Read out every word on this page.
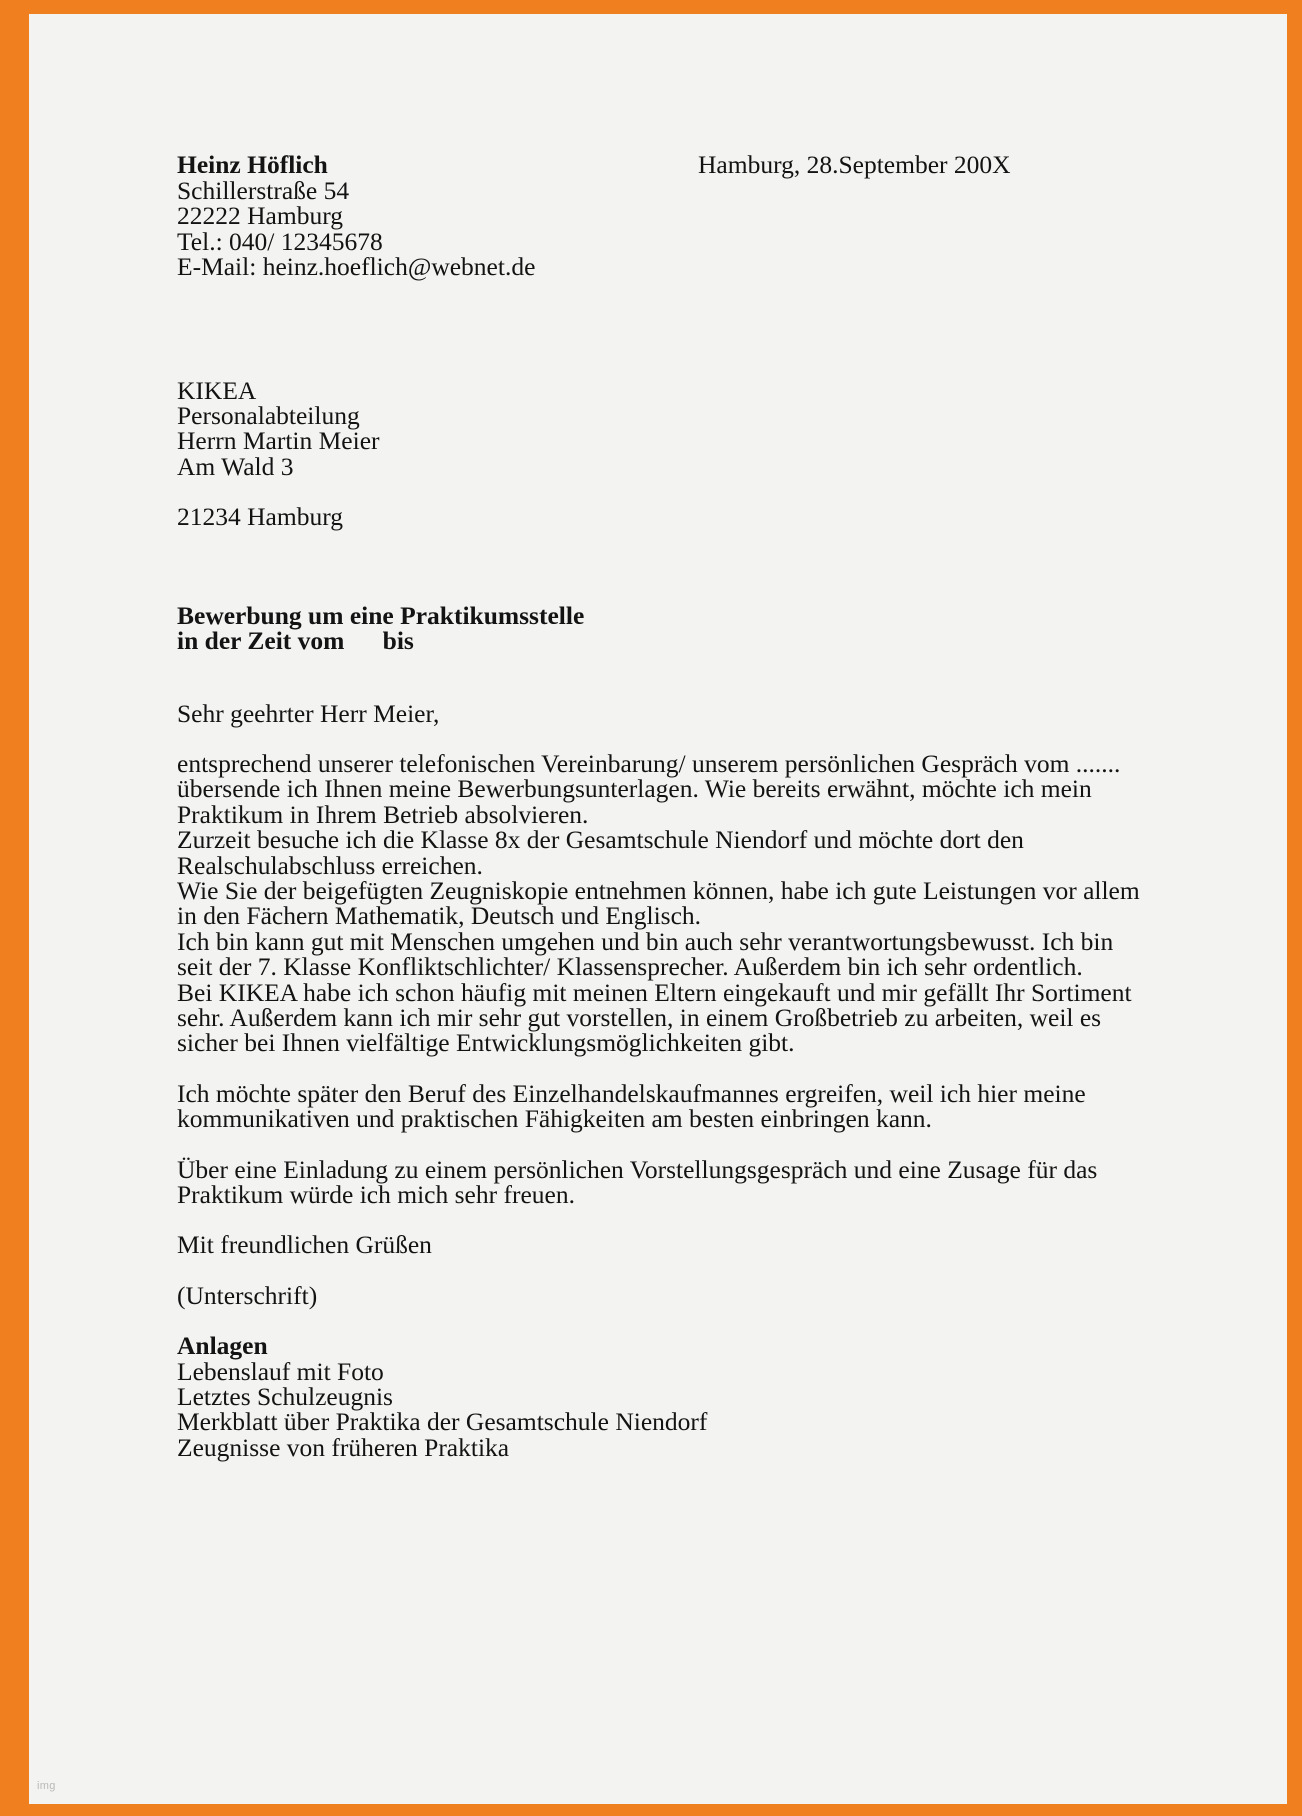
Heinz Höflich	Hamburg, 28.September 200X
Schillerstraße 54
22222 Hamburg
Tel.: 040/ 12345678
E-Mail: heinz.hoeflich@webnet.de
KIKEA
Personalabteilung
Herrn Martin Meier
Am Wald 3
21234 Hamburg
Bewerbung um eine Praktikumsstelle
in der Zeit vom      bis
Sehr geehrter Herr Meier,
entsprechend unserer telefonischen Vereinbarung/ unserem persönlichen Gespräch vom .......
übersende ich Ihnen meine Bewerbungsunterlagen. Wie bereits erwähnt, möchte ich mein
Praktikum in Ihrem Betrieb absolvieren.
Zurzeit besuche ich die Klasse 8x der Gesamtschule Niendorf und möchte dort den
Realschulabschluss erreichen.
Wie Sie der beigefügten Zeugniskopie entnehmen können, habe ich gute Leistungen vor allem
in den Fächern Mathematik, Deutsch und Englisch.
Ich bin kann gut mit Menschen umgehen und bin auch sehr verantwortungsbewusst. Ich bin
seit der 7. Klasse Konfliktschlichter/ Klassensprecher. Außerdem bin ich sehr ordentlich.
Bei KIKEA habe ich schon häufig mit meinen Eltern eingekauft und mir gefällt Ihr Sortiment
sehr. Außerdem kann ich mir sehr gut vorstellen, in einem Großbetrieb zu arbeiten, weil es
sicher bei Ihnen vielfältige Entwicklungsmöglichkeiten gibt.
Ich möchte später den Beruf des Einzelhandelskaufmannes ergreifen, weil ich hier meine
kommunikativen und praktischen Fähigkeiten am besten einbringen kann.
Über eine Einladung zu einem persönlichen Vorstellungsgespräch und eine Zusage für das
Praktikum würde ich mich sehr freuen.
Mit freundlichen Grüßen
(Unterschrift)
Anlagen
Lebenslauf mit Foto
Letztes Schulzeugnis
Merkblatt über Praktika der Gesamtschule Niendorf
Zeugnisse von früheren Praktika
img
